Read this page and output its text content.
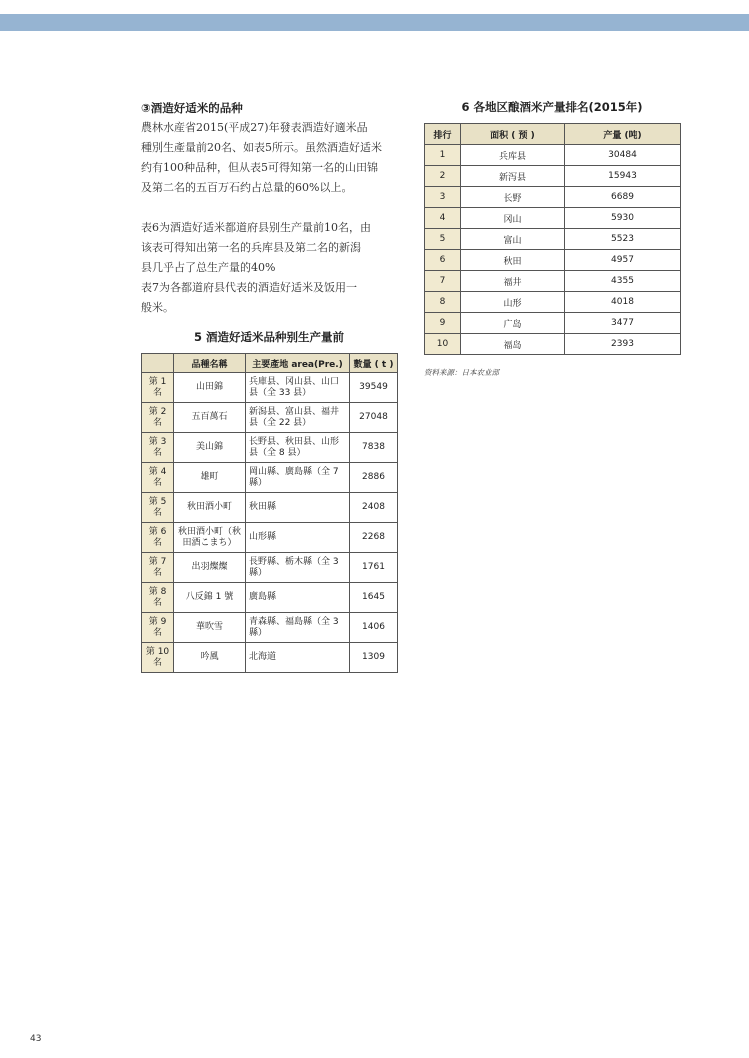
③酒造好适米的品种

農林水産省2015(平成27)年發表酒造好適米品
種別生產量前20名、如表5所示。虽然酒造好适米
约有100种品种，但从表5可得知第一名的山田锦
及第二名的五百万石约占总量的60%以上。

表6为酒造好适米都道府县别生产量前10名，由
该表可得知出第一名的兵库县及第二名的新潟
县几乎占了总生产量的40%
表7为各都道府县代表的酒造好适米及饭用一
般米。

5 酒造好适米品种别生产量前
	品種名稱	主要產地 area(Pre.)	數量 ( t )
第 1 名	山田錦	兵庫县、冈山县、山口县（全 33 县）	39549
第 2 名	五百萬石	新潟县、富山县、福井县（全 22 县）	27048
第 3 名	美山錦	长野县、秋田县、山形县（全 8 县）	7838
第 4 名	雄町	岡山縣、廣島縣（全 7 縣）	2886
第 5 名	秋田酒小町	秋田縣	2408
第 6 名	秋田酒小町（秋田酒こまち）	山形縣	2268
第 7 名	出羽燦燦	長野縣、栃木縣（全 3 縣）	1761
第 8 名	八反錦 1 號	廣島縣	1645
第 9 名	華吹雪	青森縣、福島縣（全 3 縣）	1406
第 10 名	吟風	北海道	1309
6 各地区酿酒米产量排名(2015年)
排行	面积 ( 预 )	产量 (吨)
1	兵库县	30484
2	新泻县	15943
3	长野	6689
4	冈山	5930
5	富山	5523
6	秋田	4957
7	福井	4355
8	山形	4018
9	广岛	3477
10	福岛	2393
资料来源：日本农业部
43
